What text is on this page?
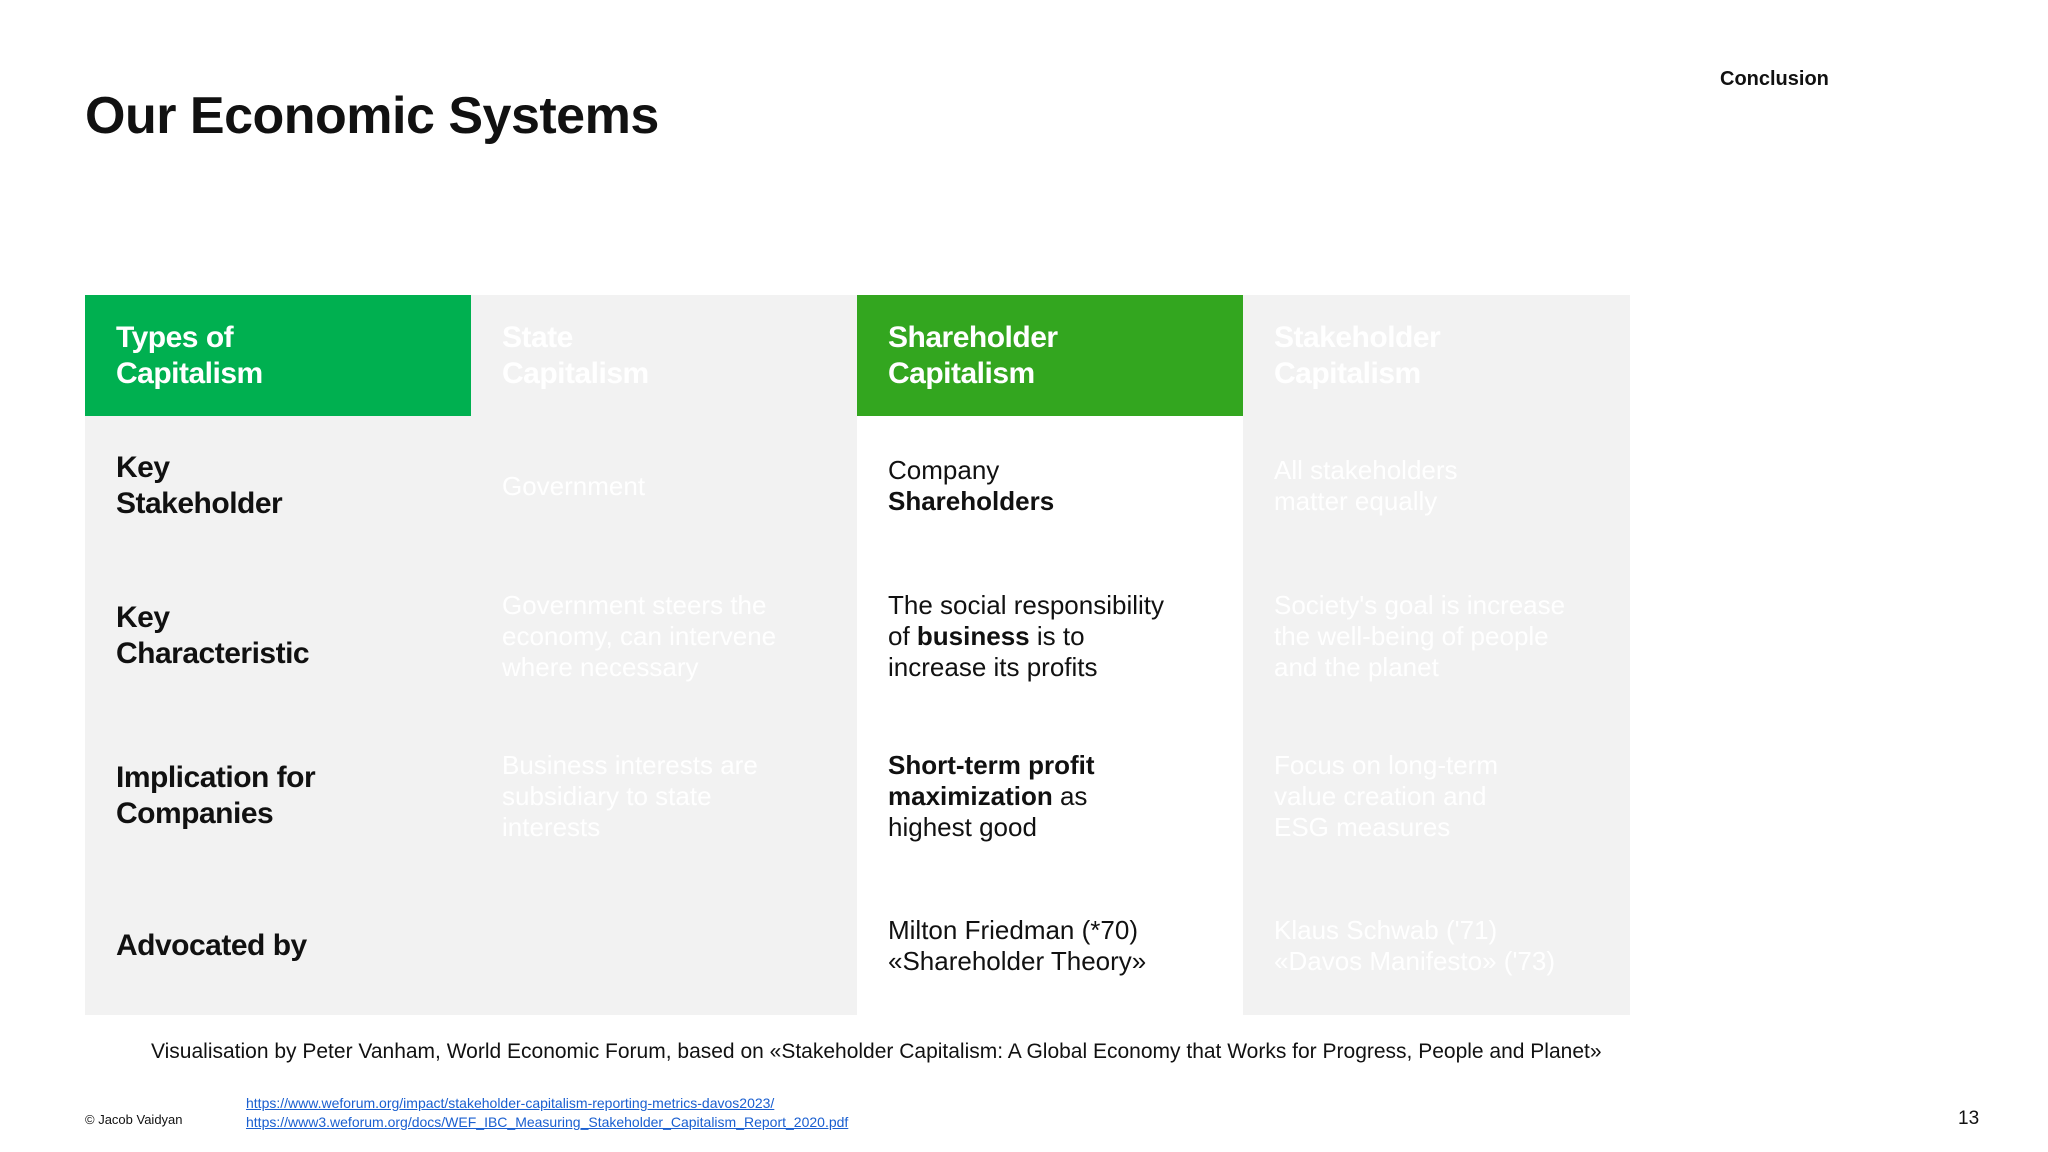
Conclusion
Our Economic Systems
Types of Capitalism
State Capitalism
Shareholder Capitalism
Stakeholder Capitalism
Key Stakeholder
Government
Company
Shareholders
All stakeholders matter equally
Key Characteristic
Government steers the economy, can intervene where necessary
The social responsibility of business is to increase its profits
Society's goal is increase the well-being of people and the planet
Implication for Companies
Business interests are subsidiary to state interests
Short-term profit maximization as highest good
Focus on long-term value creation and ESG measures
Advocated by	Milton Friedman (*70) «Shareholder Theory»
Klaus Schwab ('71) «Davos Manifesto» ('73)
Visualisation by Peter Vanham, World Economic Forum, based on «Stakeholder Capitalism: A Global Economy that Works for Progress, People and Planet»
© Jacob Vaidyan
https://www.weforum.org/impact/stakeholder-capitalism-reporting-metrics-davos2023/
https://www3.weforum.org/docs/WEF_IBC_Measuring_Stakeholder_Capitalism_Report_2020.pdf	13
